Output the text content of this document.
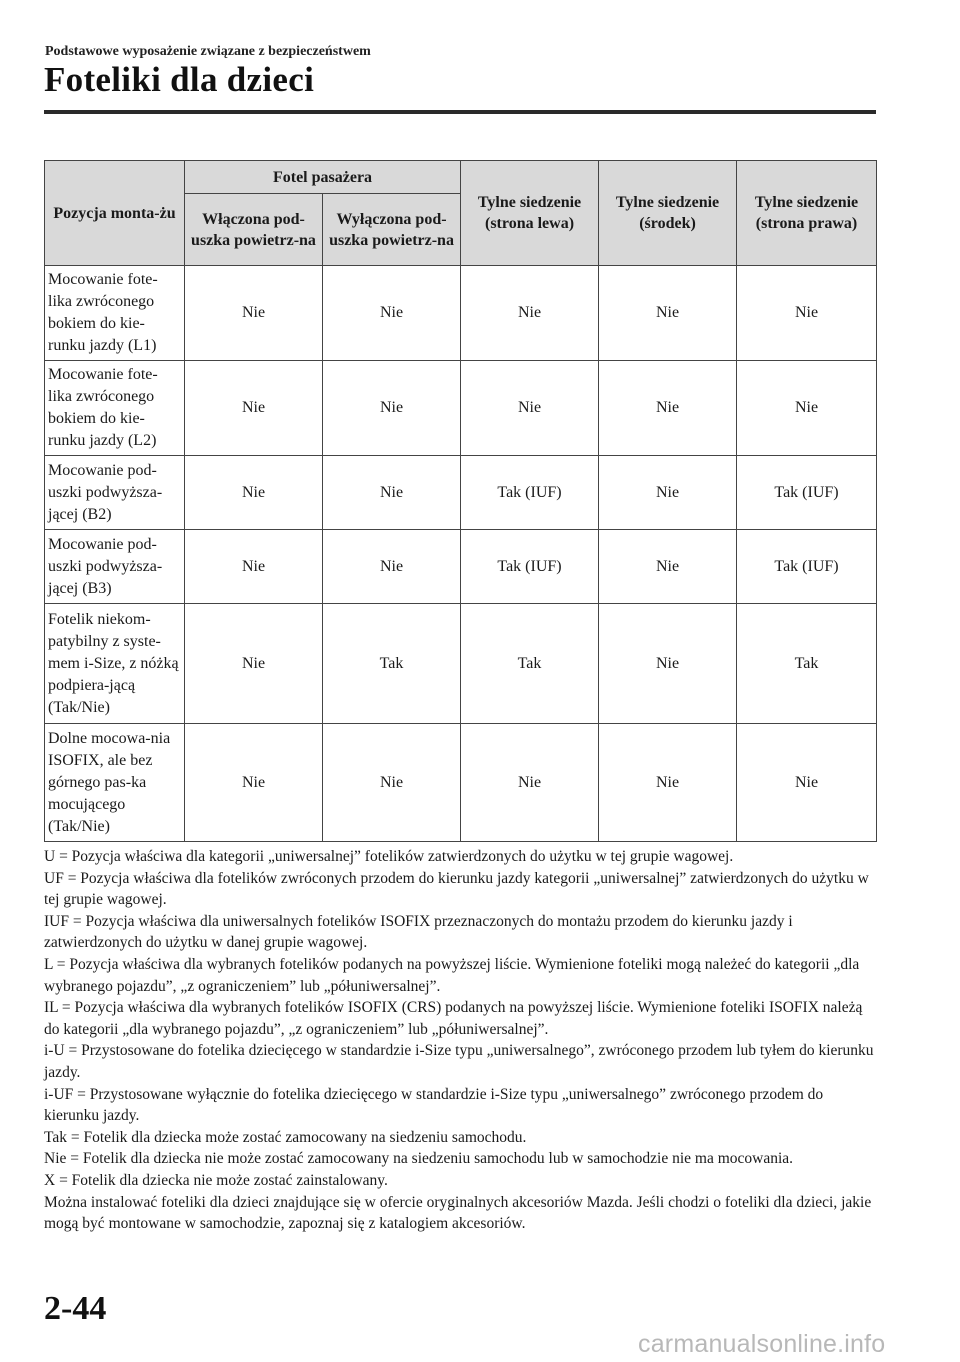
Podstawowe wyposażenie związane z bezpieczeństwem
Foteliki dla dzieci
Pozycja monta-żu	Fotel pasażera		Tylne siedzenie (strona lewa)	Tylne siedzenie (środek)	Tylne siedzenie (strona prawa)
	Włączona pod-uszka powietrz-na	Wyłączona pod-uszka powietrz-na			
Mocowanie fote-lika zwróconego bokiem do kie-runku jazdy (L1)	Nie	Nie	Nie	Nie	Nie
Mocowanie fote-lika zwróconego bokiem do kie-runku jazdy (L2)	Nie	Nie	Nie	Nie	Nie
Mocowanie pod-uszki podwyższa-jącej (B2)	Nie	Nie	Tak (IUF)	Nie	Tak (IUF)
Mocowanie pod-uszki podwyższa-jącej (B3)	Nie	Nie	Tak (IUF)	Nie	Tak (IUF)
Fotelik niekom-patybilny z syste-mem i-Size, z nóżką podpiera-jącą (Tak/Nie)	Nie	Tak	Tak	Nie	Tak
Dolne mocowa-nia ISOFIX, ale bez górnego pas-ka mocującego (Tak/Nie)	Nie	Nie	Nie	Nie	Nie

U = Pozycja właściwa dla kategorii „uniwersalnej” fotelików zatwierdzonych do użytku w tej grupie wagowej.

UF = Pozycja właściwa dla fotelików zwróconych przodem do kierunku jazdy kategorii „uniwersalnej” zatwierdzonych do użytku w tej grupie wagowej.

IUF = Pozycja właściwa dla uniwersalnych fotelików ISOFIX przeznaczonych do montażu przodem do kierunku jazdy i zatwierdzonych do użytku w danej grupie wagowej.

L = Pozycja właściwa dla wybranych fotelików podanych na powyższej liście. Wymienione foteliki mogą należeć do kategorii „dla wybranego pojazdu”, „z ograniczeniem” lub „półuniwersalnej”.

IL = Pozycja właściwa dla wybranych fotelików ISOFIX (CRS) podanych na powyższej liście. Wymienione foteliki ISOFIX należą do kategorii „dla wybranego pojazdu”, „z ograniczeniem” lub „półuniwersalnej”.

i-U = Przystosowane do fotelika dziecięcego w standardzie i-Size typu „uniwersalnego”, zwróconego przodem lub tyłem do kierunku jazdy.

i-UF = Przystosowane wyłącznie do fotelika dziecięcego w standardzie i-Size typu „uniwersalnego” zwróconego przodem do kierunku jazdy.

Tak = Fotelik dla dziecka może zostać zamocowany na siedzeniu samochodu.

Nie = Fotelik dla dziecka nie może zostać zamocowany na siedzeniu samochodu lub w samochodzie nie ma mocowania.

X = Fotelik dla dziecka nie może zostać zainstalowany.

Można instalować foteliki dla dzieci znajdujące się w ofercie oryginalnych akcesoriów Mazda. Jeśli chodzi o foteliki dla dzieci, jakie mogą być montowane w samochodzie, zapoznaj się z katalogiem akcesoriów.

2-44
carmanualsonline.info
